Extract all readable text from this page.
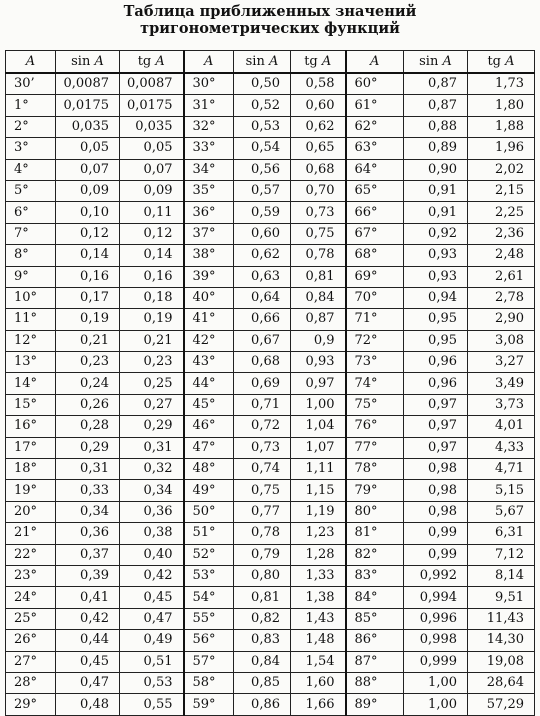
Таблица приближенных значений
тригонометрических функций
A	sin A	tg A	A	sin A	tg A	A	sin A	tg A
30’	0,0087	0,0087	30°	0,50	0,58	60°	0,87	1,73
1°	0,0175	0,0175	31°	0,52	0,60	61°	0,87	1,80
2°	0,035	0,035	32°	0,53	0,62	62°	0,88	1,88
3°	0,05	0,05	33°	0,54	0,65	63°	0,89	1,96
4°	0,07	0,07	34°	0,56	0,68	64°	0,90	2,02
5°	0,09	0,09	35°	0,57	0,70	65°	0,91	2,15
6°	0,10	0,11	36°	0,59	0,73	66°	0,91	2,25
7°	0,12	0,12	37°	0,60	0,75	67°	0,92	2,36
8°	0,14	0,14	38°	0,62	0,78	68°	0,93	2,48
9°	0,16	0,16	39°	0,63	0,81	69°	0,93	2,61
10°	0,17	0,18	40°	0,64	0,84	70°	0,94	2,78
11°	0,19	0,19	41°	0,66	0,87	71°	0,95	2,90
12°	0,21	0,21	42°	0,67	0,9	72°	0,95	3,08
13°	0,23	0,23	43°	0,68	0,93	73°	0,96	3,27
14°	0,24	0,25	44°	0,69	0,97	74°	0,96	3,49
15°	0,26	0,27	45°	0,71	1,00	75°	0,97	3,73
16°	0,28	0,29	46°	0,72	1,04	76°	0,97	4,01
17°	0,29	0,31	47°	0,73	1,07	77°	0,97	4,33
18°	0,31	0,32	48°	0,74	1,11	78°	0,98	4,71
19°	0,33	0,34	49°	0,75	1,15	79°	0,98	5,15
20°	0,34	0,36	50°	0,77	1,19	80°	0,98	5,67
21°	0,36	0,38	51°	0,78	1,23	81°	0,99	6,31
22°	0,37	0,40	52°	0,79	1,28	82°	0,99	7,12
23°	0,39	0,42	53°	0,80	1,33	83°	0,992	8,14
24°	0,41	0,45	54°	0,81	1,38	84°	0,994	9,51
25°	0,42	0,47	55°	0,82	1,43	85°	0,996	11,43
26°	0,44	0,49	56°	0,83	1,48	86°	0,998	14,30
27°	0,45	0,51	57°	0,84	1,54	87°	0,999	19,08
28°	0,47	0,53	58°	0,85	1,60	88°	1,00	28,64
29°	0,48	0,55	59°	0,86	1,66	89°	1,00	57,29
